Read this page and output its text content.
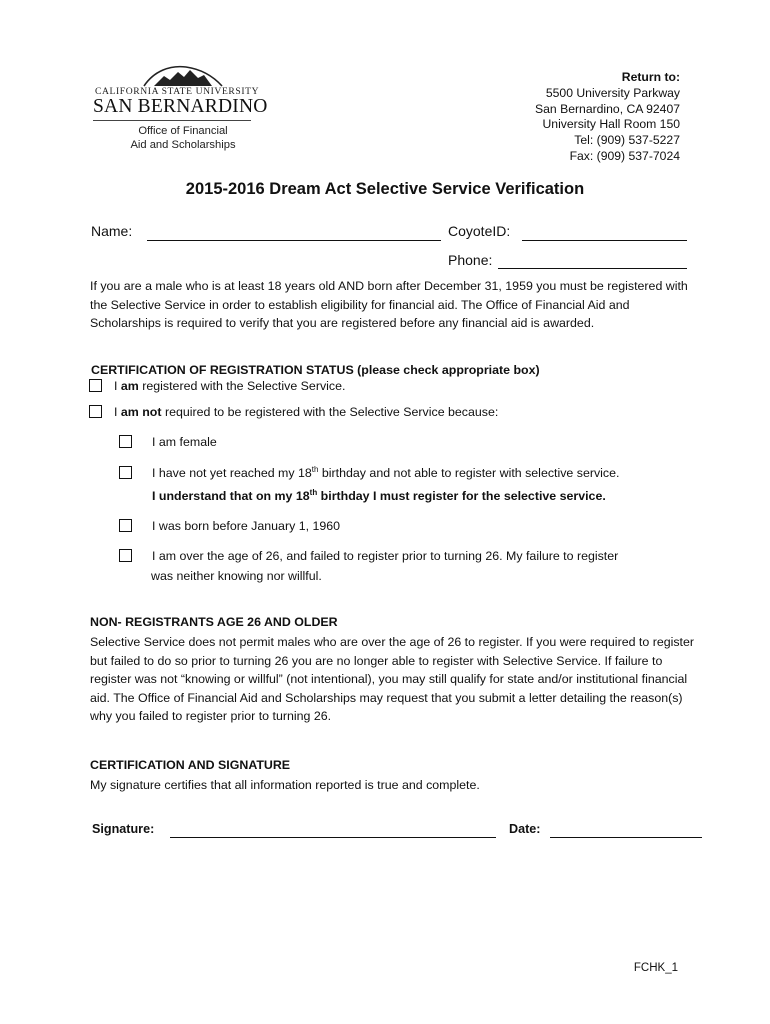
CALIFORNIA STATE UNIVERSITY
SAN BERNARDINO
Office of Financial
Aid and Scholarships
Return to:
5500 University Parkway
San Bernardino, CA 92407
University Hall Room 150
Tel: (909) 537-5227
Fax: (909) 537-7024
2015-2016 Dream Act Selective Service Verification
Name:	CoyoteID:
Phone:
If you are a male who is at least 18 years old AND born after December 31, 1959 you must be registered with the Selective Service in order to establish eligibility for financial aid. The Office of Financial Aid and Scholarships is required to verify that you are registered before any financial aid is awarded.
CERTIFICATION OF REGISTRATION STATUS (please check appropriate box)
I am registered with the Selective Service.
I am not required to be registered with the Selective Service because:
I am female
I have not yet reached my 18th birthday and not able to register with selective service.
I understand that on my 18th birthday I must register for the selective service.
I was born before January 1, 1960
I am over the age of 26, and failed to register prior to turning 26. My failure to register
was neither knowing nor willful.
NON- REGISTRANTS AGE 26 AND OLDER
Selective Service does not permit males who are over the age of 26 to register. If you were required to register but failed to do so prior to turning 26 you are no longer able to register with Selective Service. If failure to register was not “knowing or willful” (not intentional), you may still qualify for state and/or institutional financial aid. The Office of Financial Aid and Scholarships may request that you submit a letter detailing the reason(s) why you failed to register prior to turning 26.
CERTIFICATION AND SIGNATURE
My signature certifies that all information reported is true and complete.
Signature:	Date:
FCHK_1
